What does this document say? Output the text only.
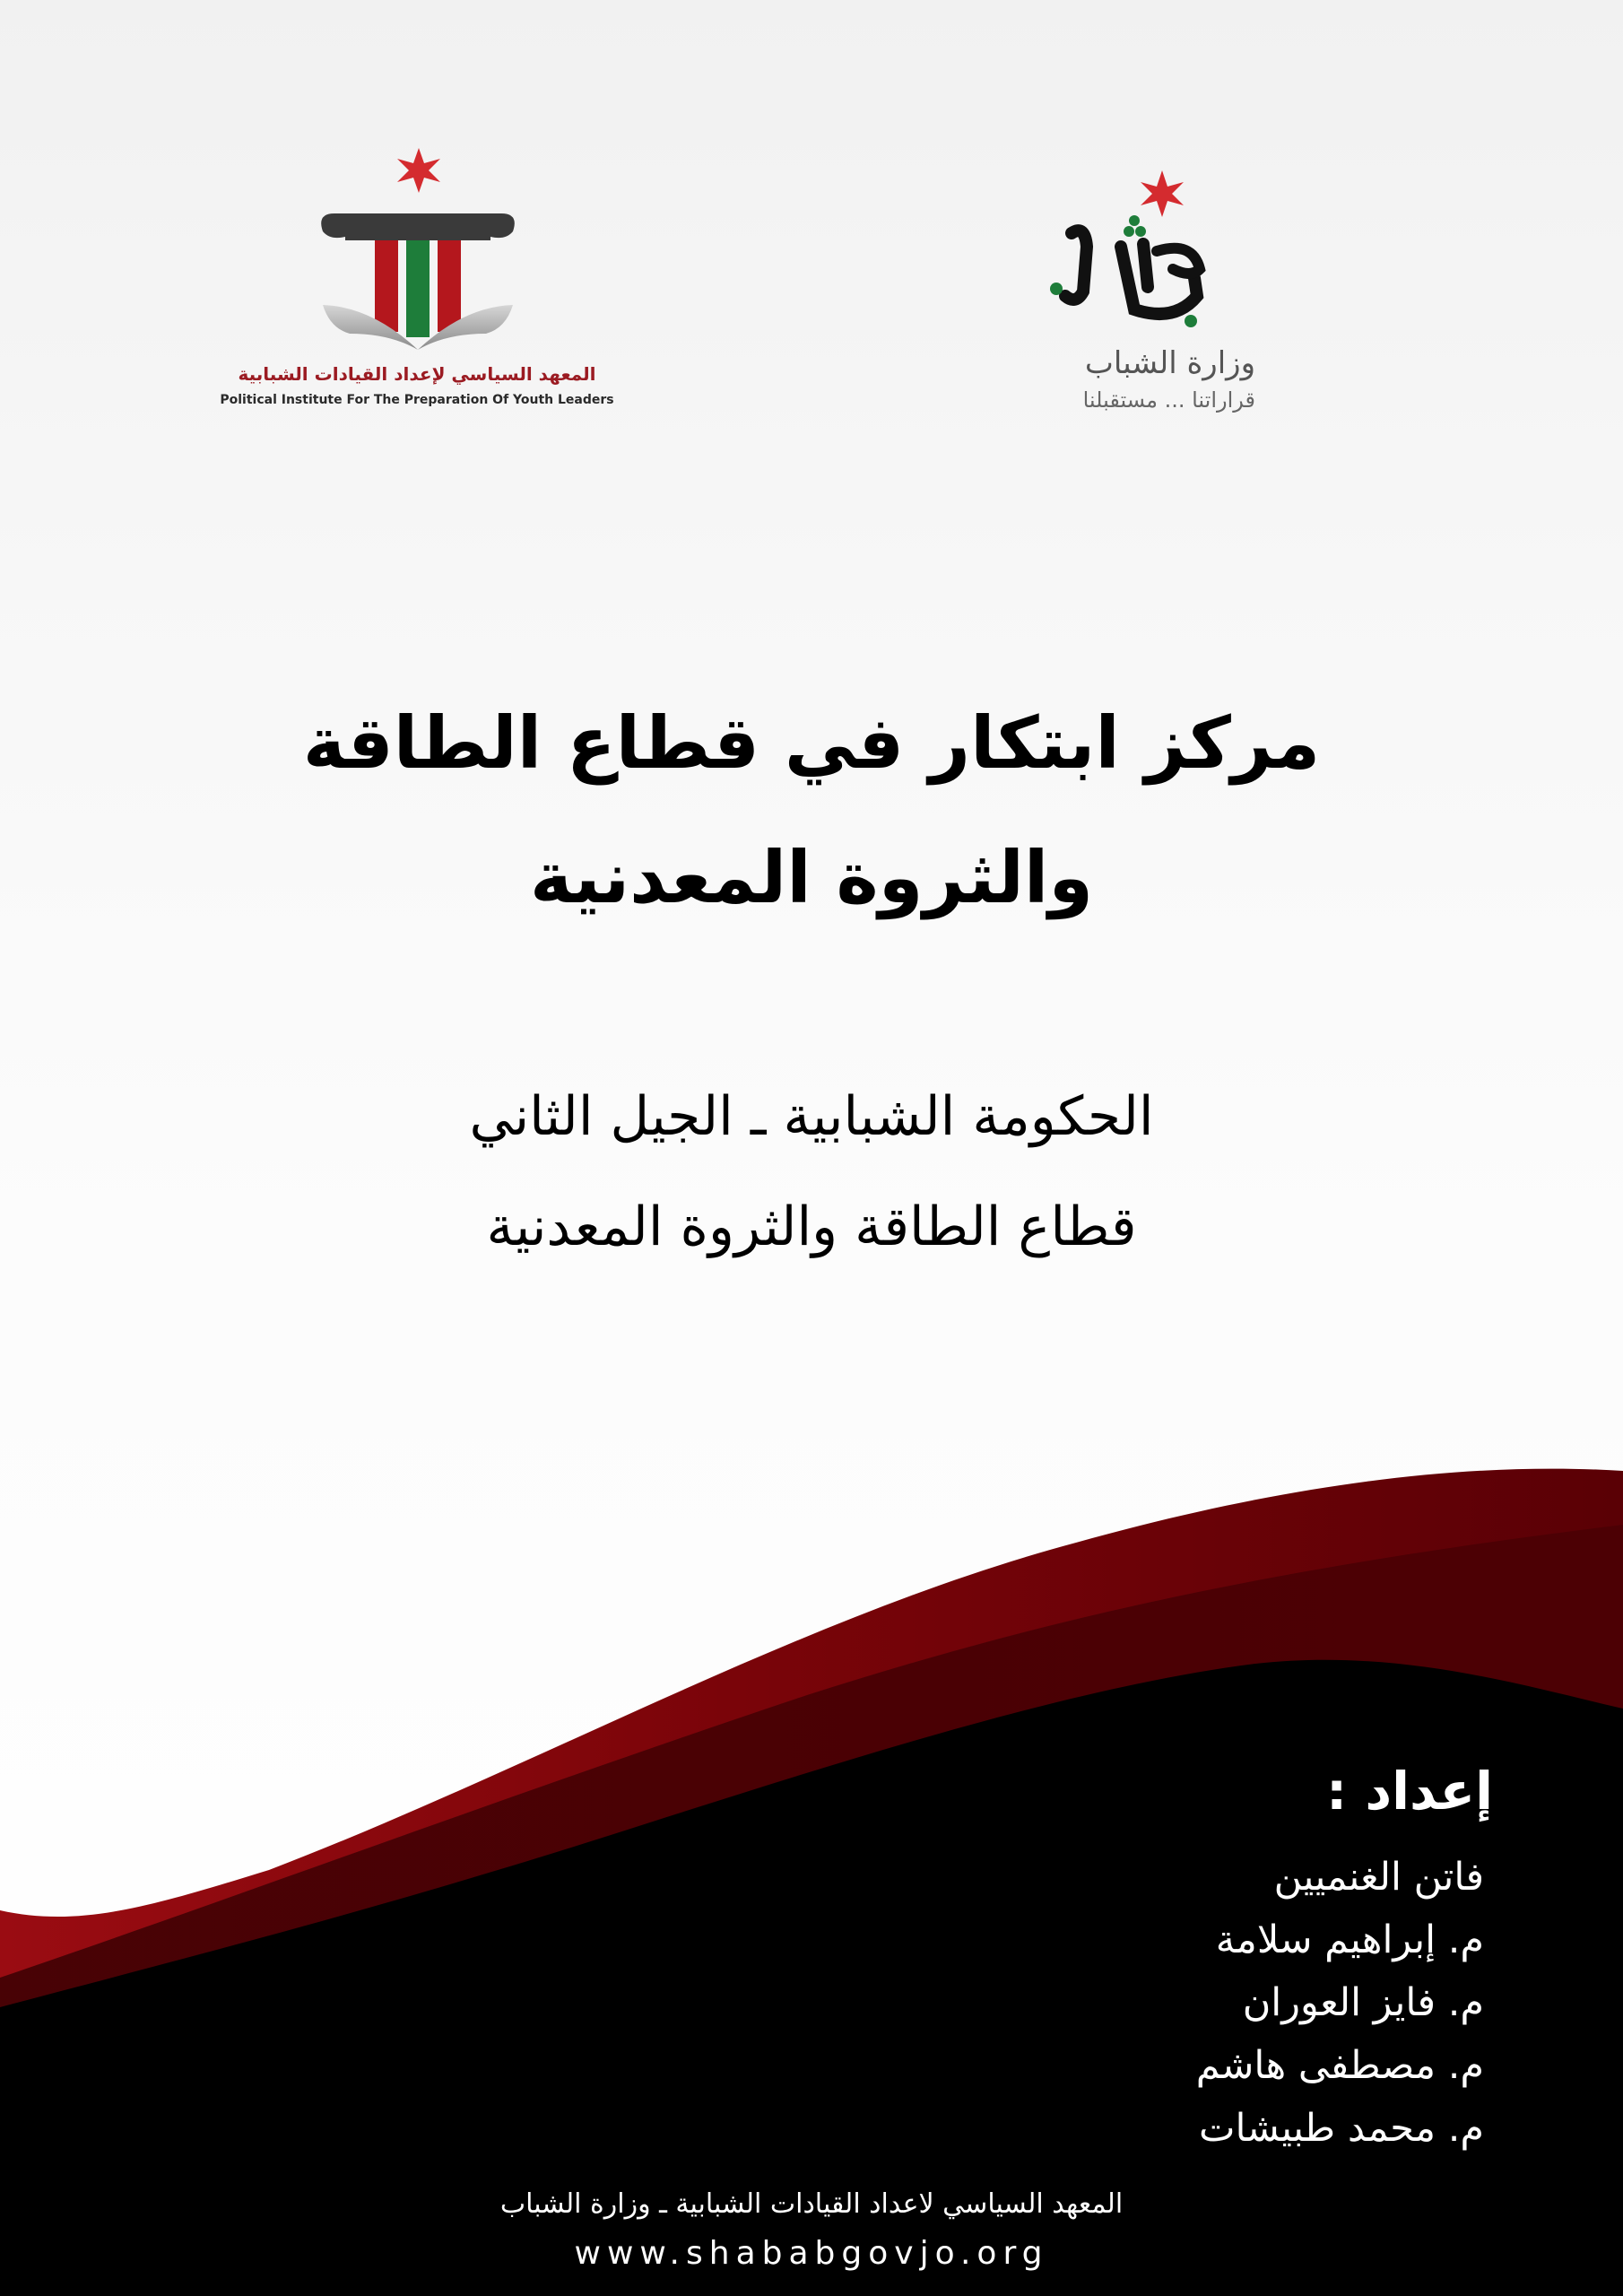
المعهد السياسي لإعداد القيادات الشبابية
Political Institute For The Preparation Of Youth Leaders
وزارة الشباب
قراراتنا ... مستقبلنا
مركز ابتكار في قطاع الطاقة
والثروة المعدنية
الحكومة الشبابية ـ الجيل الثاني
قطاع الطاقة والثروة المعدنية
إعداد :
فاتن الغنميين
م. إبراهيم سلامة
م. فايز العوران
م. مصطفى هاشم
م. محمد طبيشات
المعهد السياسي لاعداد القيادات الشبابية ـ وزارة الشباب
www.shababgovjo.org
